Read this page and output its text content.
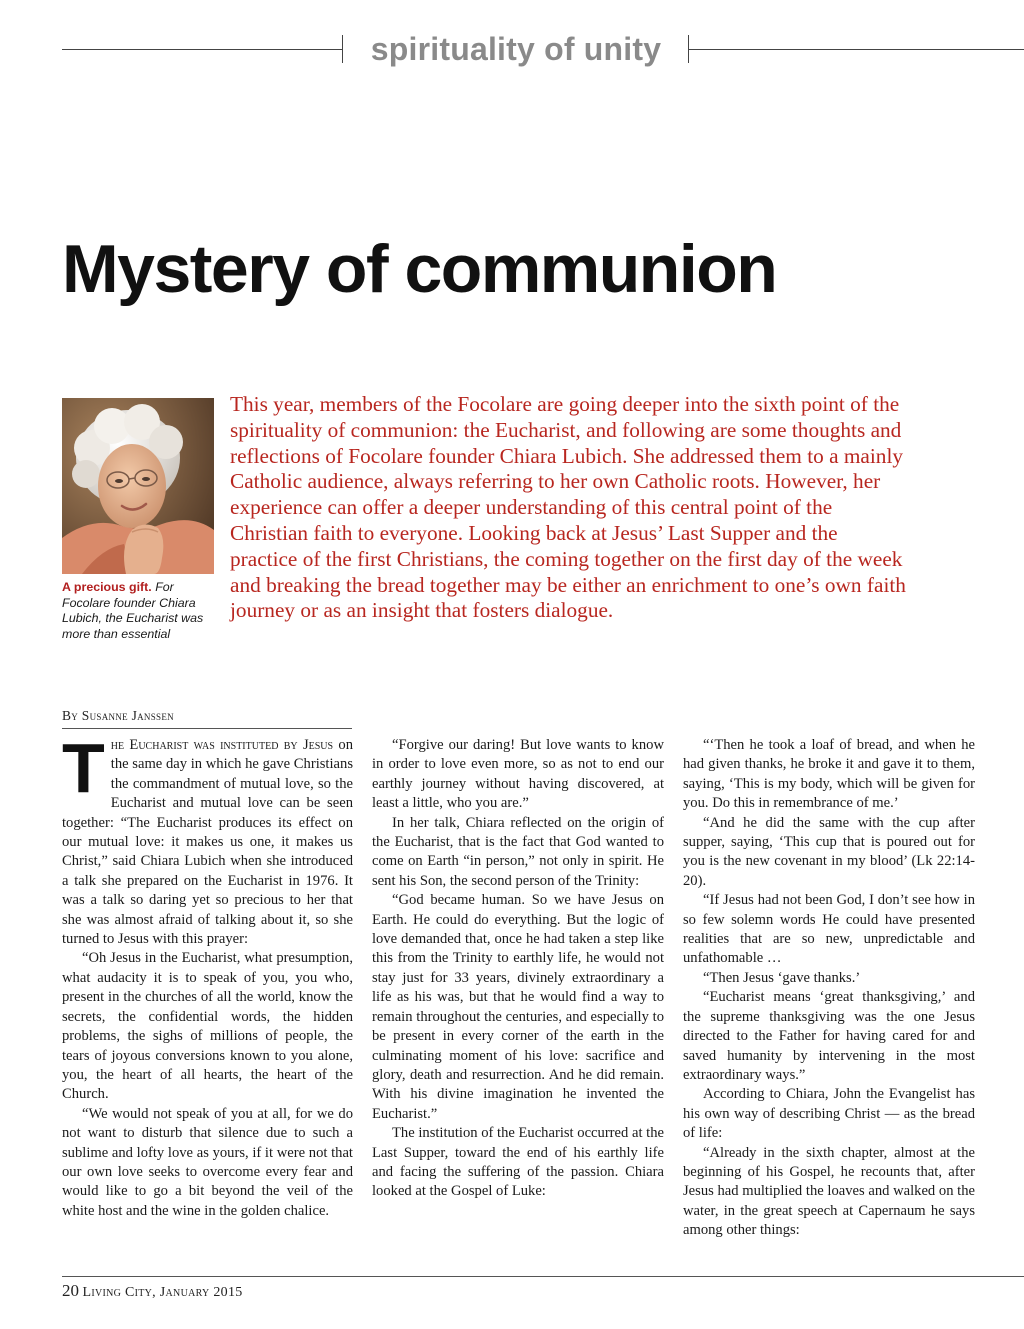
spirituality of unity
Mystery of communion
A precious gift. For Focolare founder Chiara Lubich, the Eucharist was more than essential

This year, members of the Focolare are going deeper into the sixth point of the spirituality of communion: the Eucharist, and following are some thoughts and reflections of Focolare founder Chiara Lubich. She addressed them to a mainly Catholic audience, always referring to her own Catholic roots. However, her experience can offer a deeper understanding of this central point of the Christian faith to everyone. Looking back at Jesus’ Last Supper and the practice of the first Christians, the coming together on the first day of the week and breaking the bread together may be either an enrichment to one’s own faith journey or as an insight that fosters dialogue.

By Susanne Janssen

The Eucharist was instituted by Jesus on the same day in which he gave Christians the commandment of mutual love, so the Eucharist and mutual love can be seen together: “The Eucharist produces its effect on our mutual love: it makes us one, it makes us Christ,” said Chiara Lubich when she introduced a talk she prepared on the Eucharist in 1976. It was a talk so daring yet so precious to her that she was almost afraid of talking about it, so she turned to Jesus with this prayer:

“Oh Jesus in the Eucharist, what presumption, what audacity it is to speak of you, you who, present in the churches of all the world, know the secrets, the confidential words, the hidden problems, the sighs of millions of people, the tears of joyous conversions known to you alone, you, the heart of all hearts, the heart of the Church.

“We would not speak of you at all, for we do not want to disturb that silence due to such a sublime and lofty love as yours, if it were not that our own love seeks to overcome every fear and would like to go a bit beyond the veil of the white host and the wine in the golden chalice.

“Forgive our daring! But love wants to know in order to love even more, so as not to end our earthly journey without having discovered, at least a little, who you are.”

In her talk, Chiara reflected on the origin of the Eucharist, that is the fact that God wanted to come on Earth “in person,” not only in spirit. He sent his Son, the second person of the Trinity:

“God became human. So we have Jesus on Earth. He could do everything. But the logic of love demanded that, once he had taken a step like this from the Trinity to earthly life, he would not stay just for 33 years, divinely extraordinary a life as his was, but that he would find a way to remain throughout the centuries, and especially to be present in every corner of the earth in the culminating moment of his love: sacrifice and glory, death and resurrection. And he did remain. With his divine imagination he invented the Eucharist.”

The institution of the Eucharist occurred at the Last Supper, toward the end of his earthly life and facing the suffering of the passion. Chiara looked at the Gospel of Luke:

“‘Then he took a loaf of bread, and when he had given thanks, he broke it and gave it to them, saying, ‘This is my body, which will be given for you. Do this in remembrance of me.’

“And he did the same with the cup after supper, saying, ‘This cup that is poured out for you is the new covenant in my blood’ (Lk 22:14-20).

“If Jesus had not been God, I don’t see how in so few solemn words He could have presented realities that are so new, unpredictable and unfathomable …

“Then Jesus ‘gave thanks.’

“Eucharist means ‘great thanksgiving,’ and the supreme thanksgiving was the one Jesus directed to the Father for having cared for and saved humanity by intervening in the most extraordinary ways.”

According to Chiara, John the Evangelist has his own way of describing Christ — as the bread of life:

“Already in the sixth chapter, almost at the beginning of his Gospel, he recounts that, after Jesus had multiplied the loaves and walked on the water, in the great speech at Capernaum he says among other things:

20 Living City, January 2015
